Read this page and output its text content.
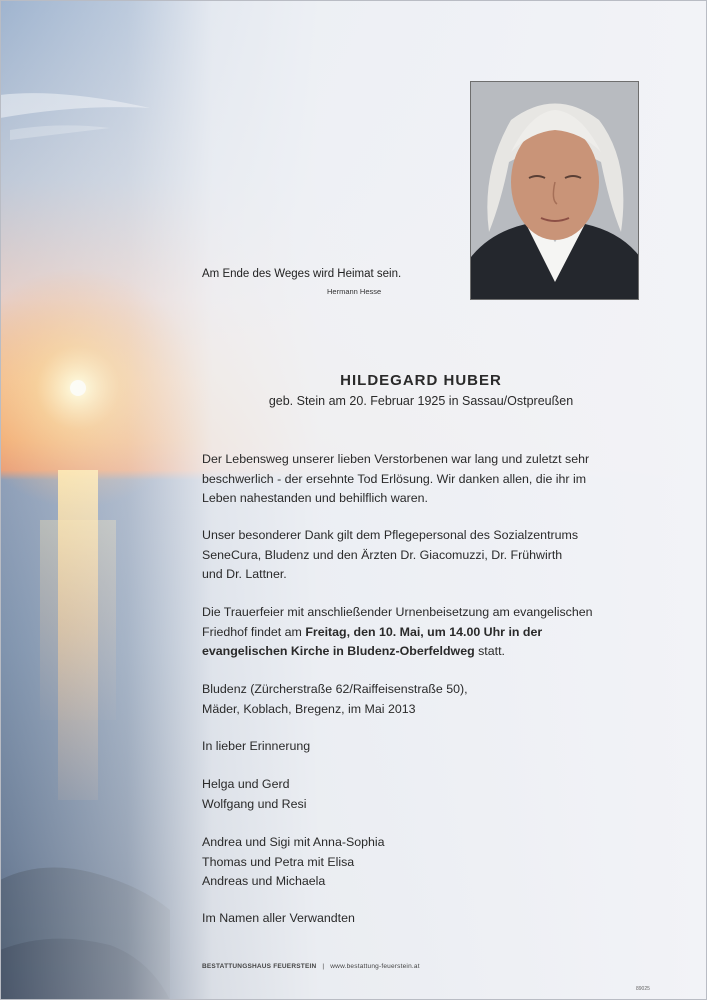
Am Ende des Weges wird Heimat sein.
Hermann Hesse
HILDEGARD HUBER
geb. Stein am 20. Februar 1925 in Sassau/Ostpreußen

Der Lebensweg unserer lieben Verstorbenen war lang und zuletzt sehr

beschwerlich - der ersehnte Tod Erlösung. Wir danken allen, die ihr im

Leben nahestanden und behilflich waren.

Unser besonderer Dank gilt dem Pflegepersonal des Sozialzentrums

SeneCura, Bludenz und den Ärzten Dr. Giacomuzzi, Dr. Frühwirth

und Dr. Lattner.

Die Trauerfeier mit anschließender Urnenbeisetzung am evangelischen

Friedhof findet am Freitag, den 10. Mai, um 14.00 Uhr in der

evangelischen Kirche in Bludenz-Oberfeldweg statt.

Bludenz (Zürcherstraße 62/Raiffeisenstraße 50),

Mäder, Koblach, Bregenz, im Mai 2013

In lieber Erinnerung

Helga und Gerd

Wolfgang und Resi

Andrea und Sigi mit Anna-Sophia

Thomas und Petra mit Elisa

Andreas und Michaela

Im Namen aller Verwandten

BESTATTUNGSHAUS FEUERSTEIN | www.bestattung-feuerstein.at
89025
